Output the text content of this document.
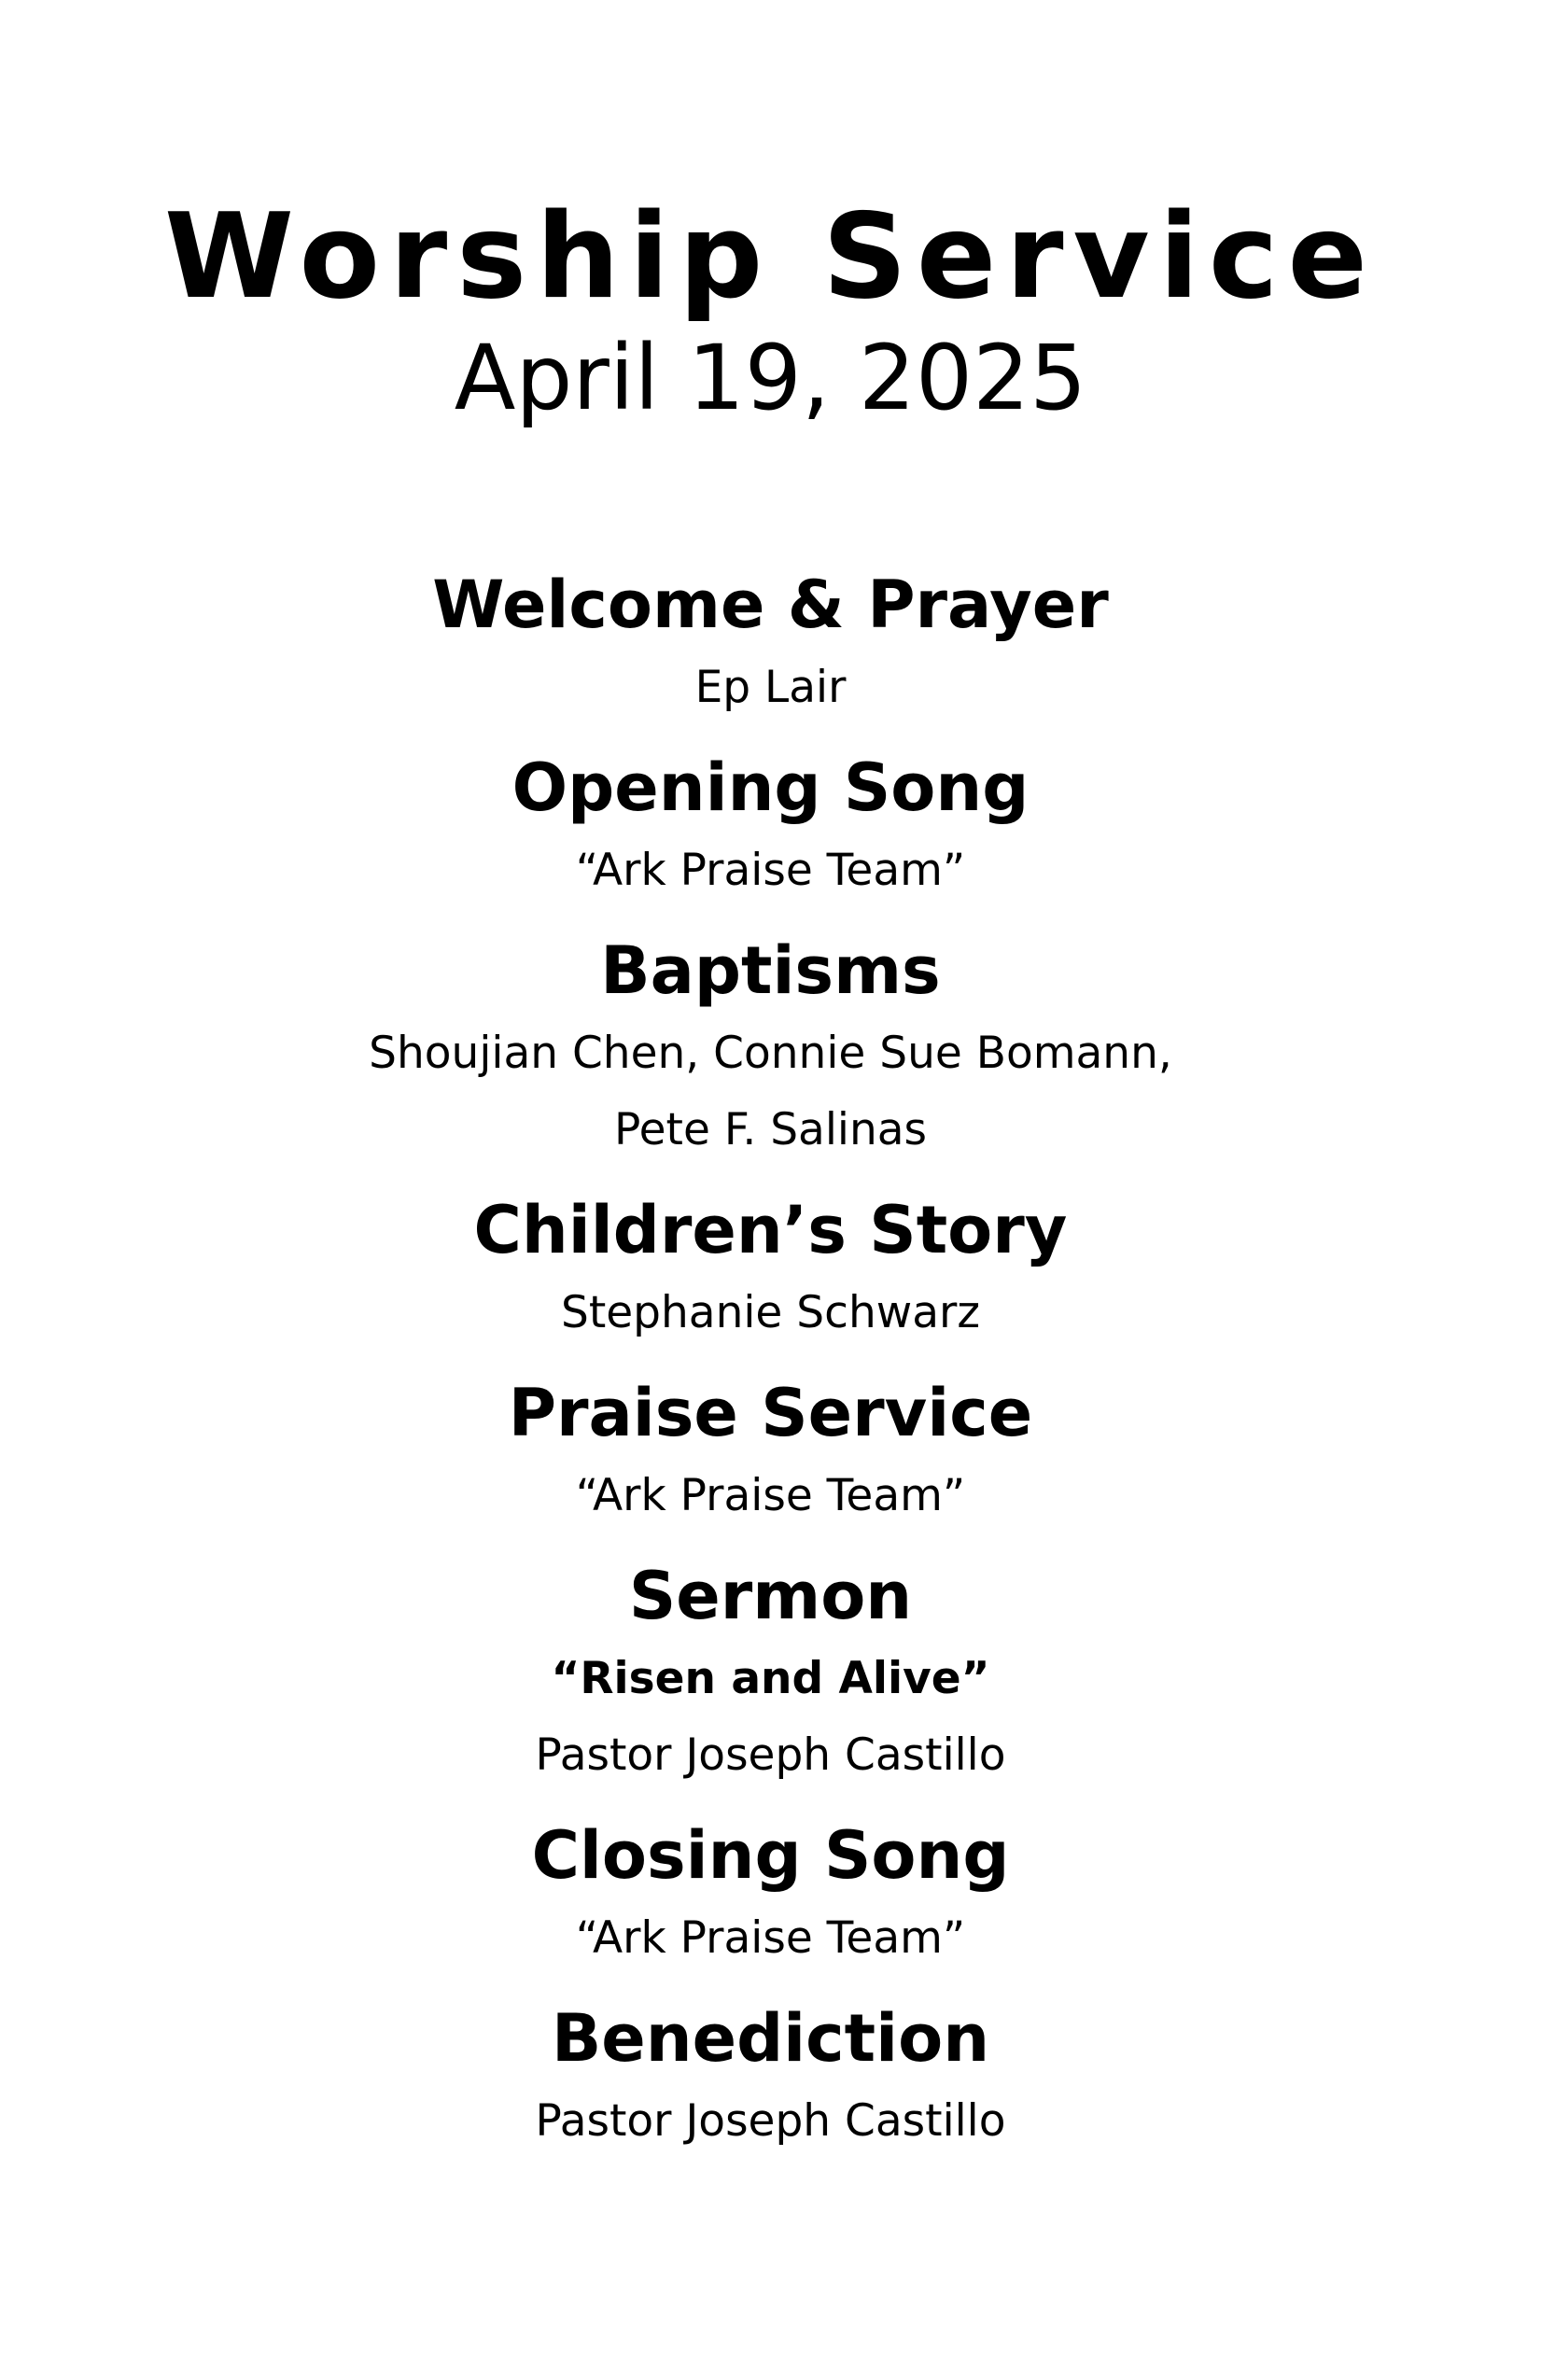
Worship Service
April 19, 2025
Welcome & Prayer
Ep Lair
Opening Song
“Ark Praise Team”
Baptisms
Shoujian Chen, Connie Sue Bomann,
Pete F. Salinas
Children’s Story
Stephanie Schwarz
Praise Service
“Ark Praise Team”
Sermon
“Risen and Alive”
Pastor Joseph Castillo
Closing Song
“Ark Praise Team”
Benediction
Pastor Joseph Castillo
